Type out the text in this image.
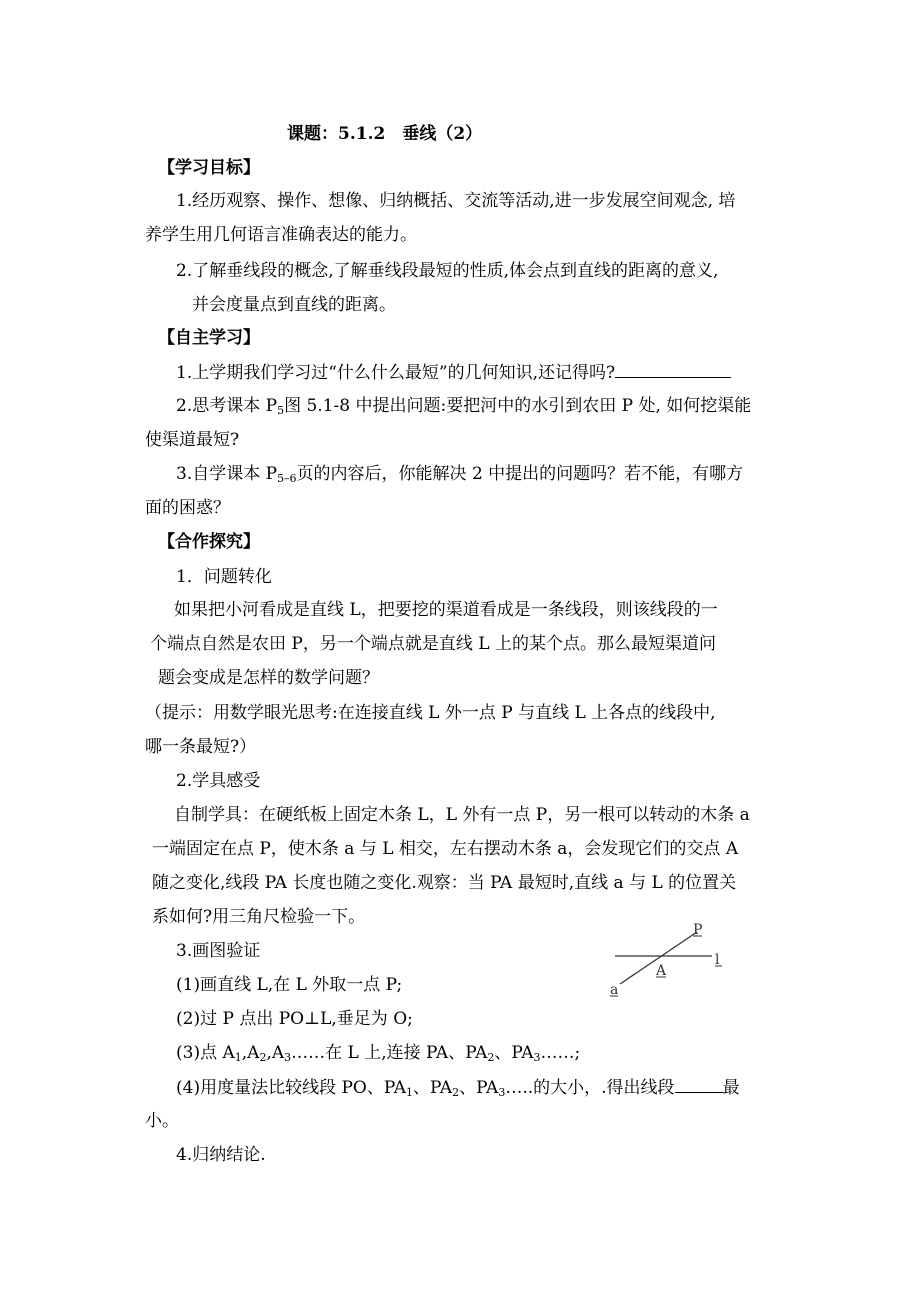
课题：5.1.2　垂线（2）
【学习目标】
1.经历观察、操作、想像、归纳概括、交流等活动,进一步发展空间观念, 培
养学生用几何语言准确表达的能力。
2.了解垂线段的概念,了解垂线段最短的性质,体会点到直线的距离的意义,
并会度量点到直线的距离。
【自主学习】
1.上学期我们学习过“什么什么最短”的几何知识,还记得吗?
2.思考课本 $P_5$图 5.1-8 中提出问题:要把河中的水引到农田 P 处, 如何挖渠能
使渠道最短?
3.自学课本 $P_{5-6}$页的内容后，你能解决 2 中提出的问题吗？若不能，有哪方
面的困惑？
【合作探究】
1．问题转化
如果把小河看成是直线 L，把要挖的渠道看成是一条线段，则该线段的一
个端点自然是农田 P，另一个端点就是直线 L 上的某个点。那么最短渠道问
题会变成是怎样的数学问题？
（提示：用数学眼光思考:在连接直线 L 外一点 P 与直线 L 上各点的线段中,
哪一条最短?）
2.学具感受
自制学具：在硬纸板上固定木条 L，L 外有一点 P，另一根可以转动的木条 a
一端固定在点 P，使木条 a 与 L 相交，左右摆动木条 a，会发现它们的交点 A
随之变化,线段 PA 长度也随之变化.观察：当 PA 最短时,直线 a 与 L 的位置关
系如何?用三角尺检验一下。
3.画图验证
(1)画直线 L,在 L 外取一点 P;
(2)过 P 点出 PO⊥L,垂足为 O;
(3)点 $A_1,A_2,A_3\dots\dots$在 L 上,连接 PA、$PA_2$、$PA_3\dots\dots$;
(4)用度量法比较线段 PO、$PA_1$、$PA_2$、$PA_3\dots$..的大小，.得出线段	最
小。
4.归纳结论.
P
l
A
a
